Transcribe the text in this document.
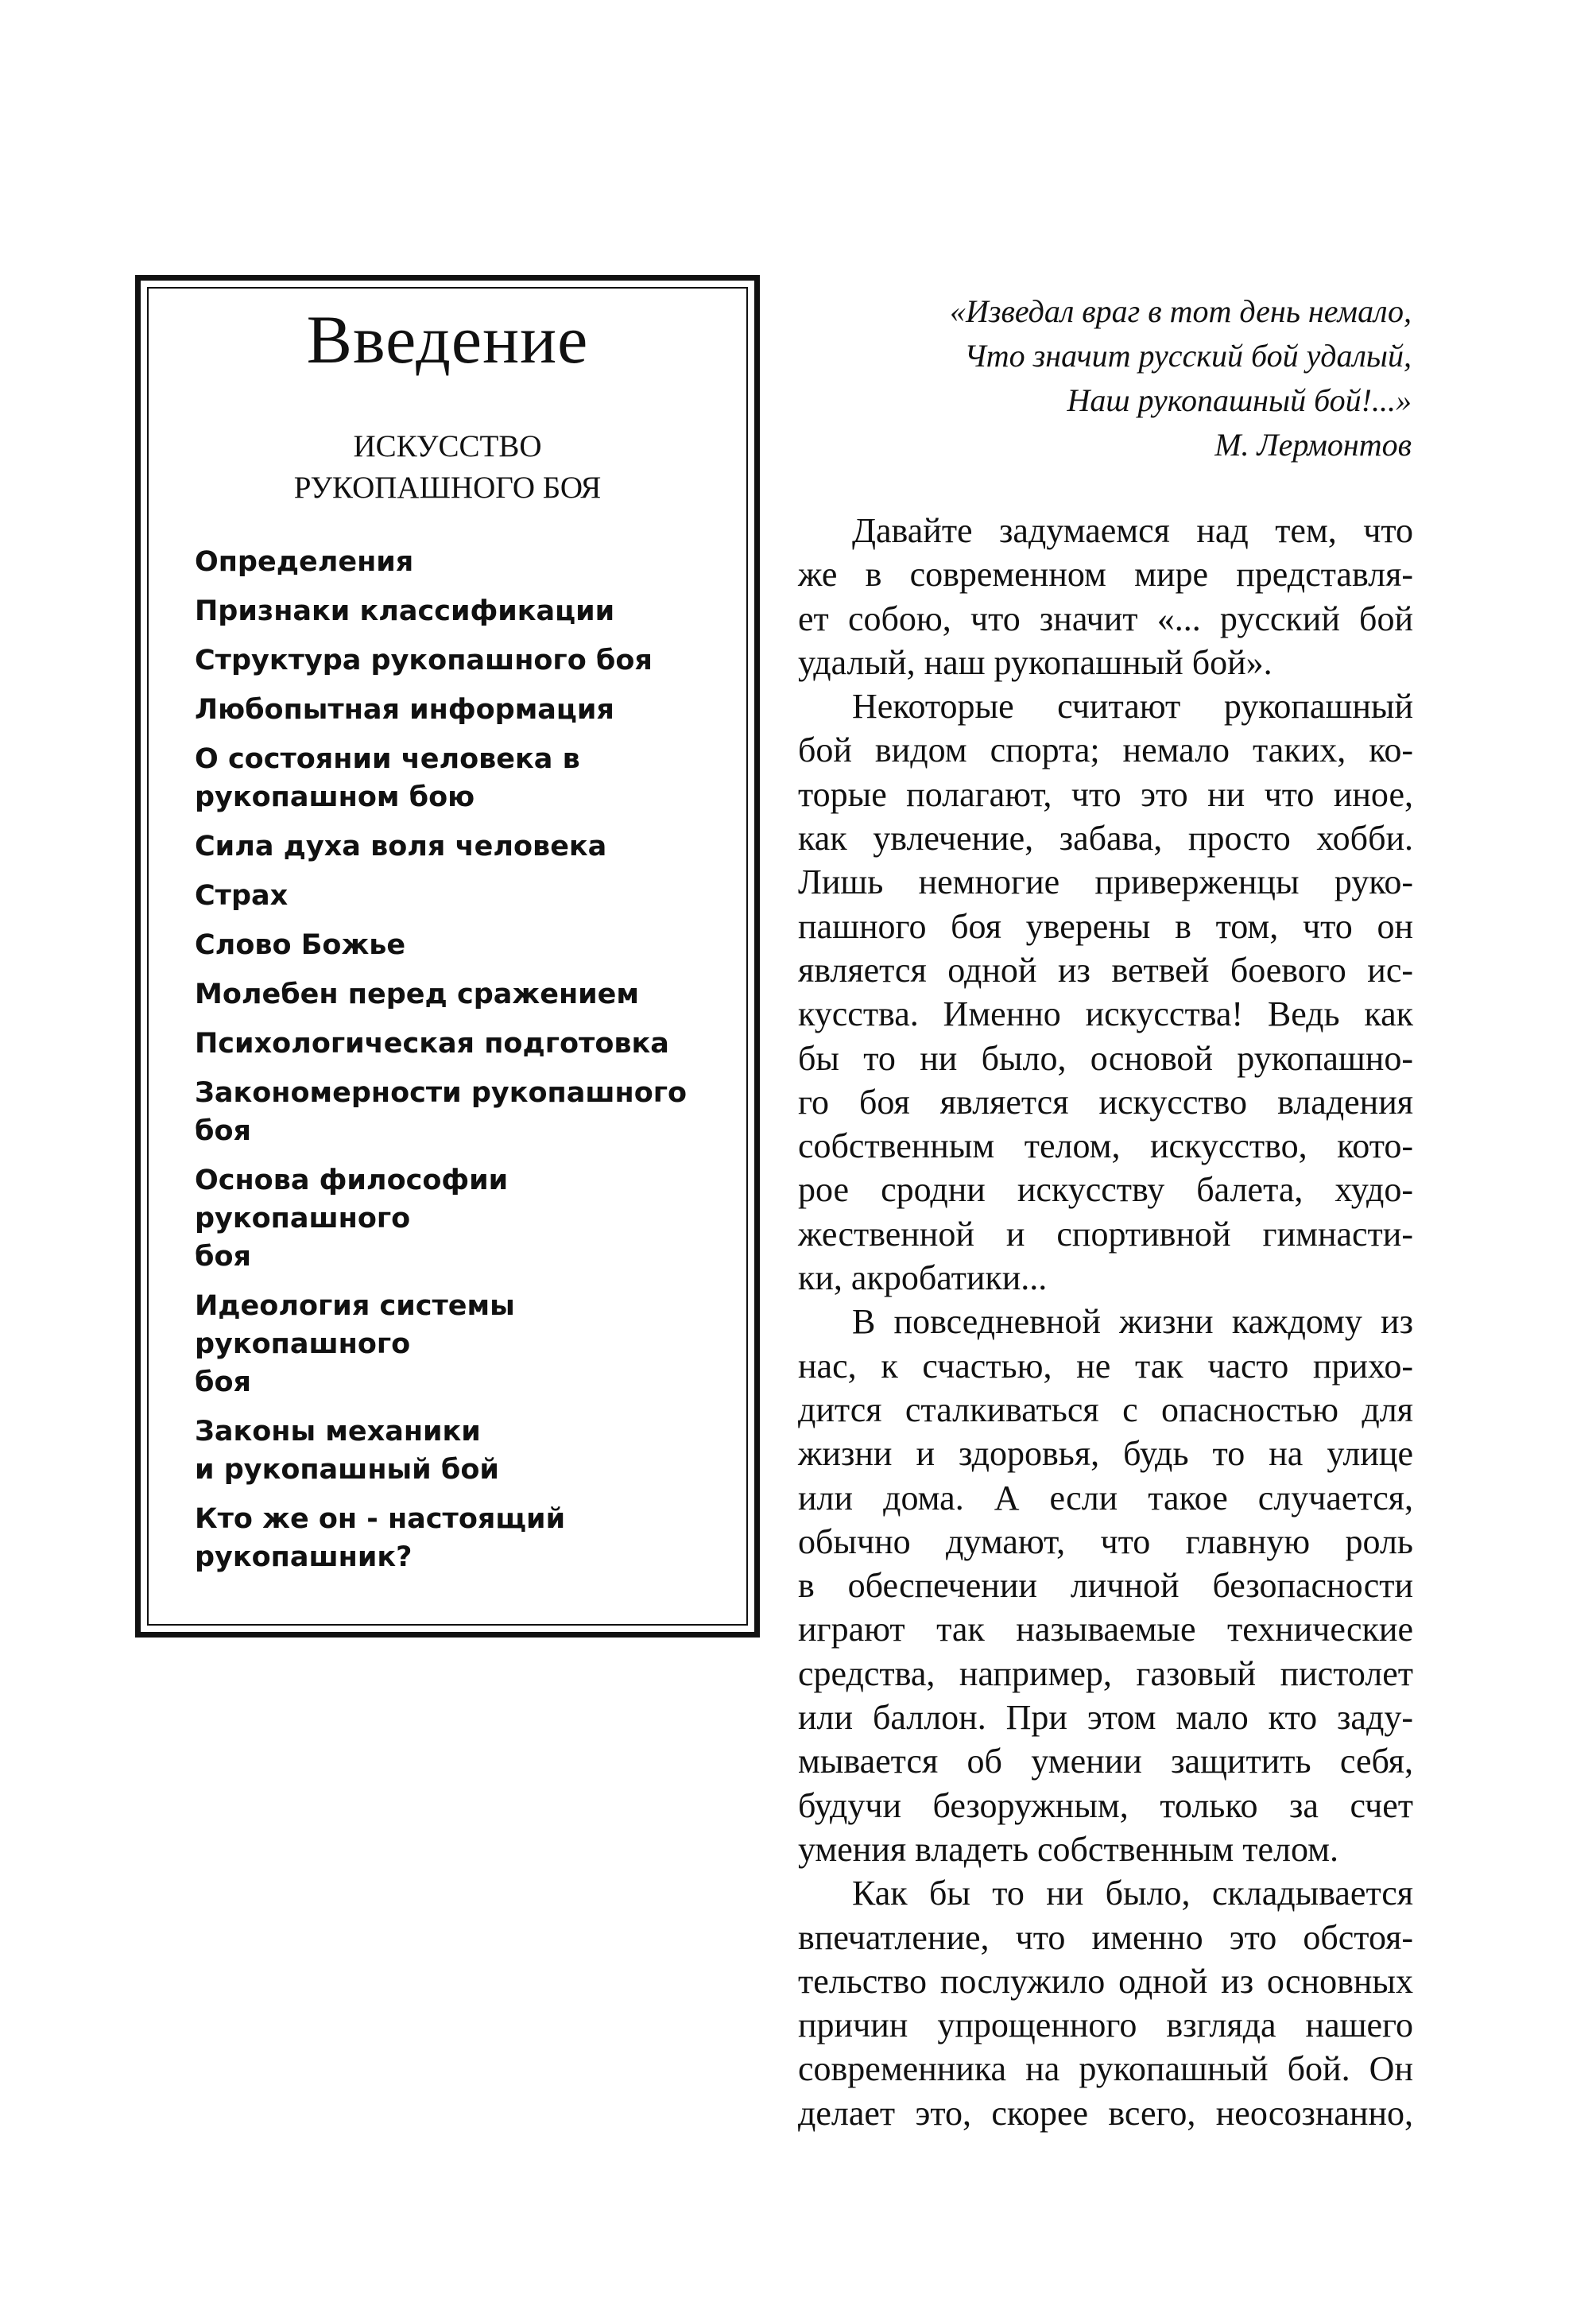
Введение
ИСКУССТВО
РУКОПАШНОГО БОЯ
Определения
Признаки классификации
Структура рукопашного боя
Любопытная информация
О состоянии человека в
рукопашном бою
Сила духа воля человека
Страх
Слово Божье
Молебен перед сражением
Психологическая подготовка
Закономерности рукопашного боя
Основа философии рукопашного
боя
Идеология системы рукопашного
боя
Законы механики
и рукопашный бой
Кто же он ‑ настоящий
рукопашник?
«Изведал враг в тот день немало,
Что значит русский бой удалый,
Наш рукопашный бой!...»
М. Лермонтов

Давайте задумаемся над тем, что
же в современном мире представля-
ет собою, что значит «... русский бой
удалый, наш рукопашный бой».

Некоторые считают рукопашный
бой видом спорта; немало таких, ко-
торые полагают, что это ни что иное,
как увлечение, забава, просто хобби.
Лишь немногие приверженцы руко-
пашного боя уверены в том, что он
является одной из ветвей боевого ис-
кусства. Именно искусства! Ведь как
бы то ни было, основой рукопашно-
го боя является искусство владения
собственным телом, искусство, кото-
рое сродни искусству балета, худо-
жественной и спортивной гимнасти-
ки, акробатики...

В повседневной жизни каждому из
нас, к счастью, не так часто прихо-
дится сталкиваться с опасностью для
жизни и здоровья, будь то на улице
или дома. А если такое случается,
обычно думают, что главную роль
в обеспечении личной безопасности
играют так называемые технические
средства, например, газовый пистолет
или баллон. При этом мало кто заду-
мывается об умении защитить себя,
будучи безоружным, только за счет
умения владеть собственным телом.

Как бы то ни было, складывается
впечатление, что именно это обстоя-
тельство послужило одной из основных
причин упрощенного взгляда нашего
современника на рукопашный бой. Он
делает это, скорее всего, неосознанно,
